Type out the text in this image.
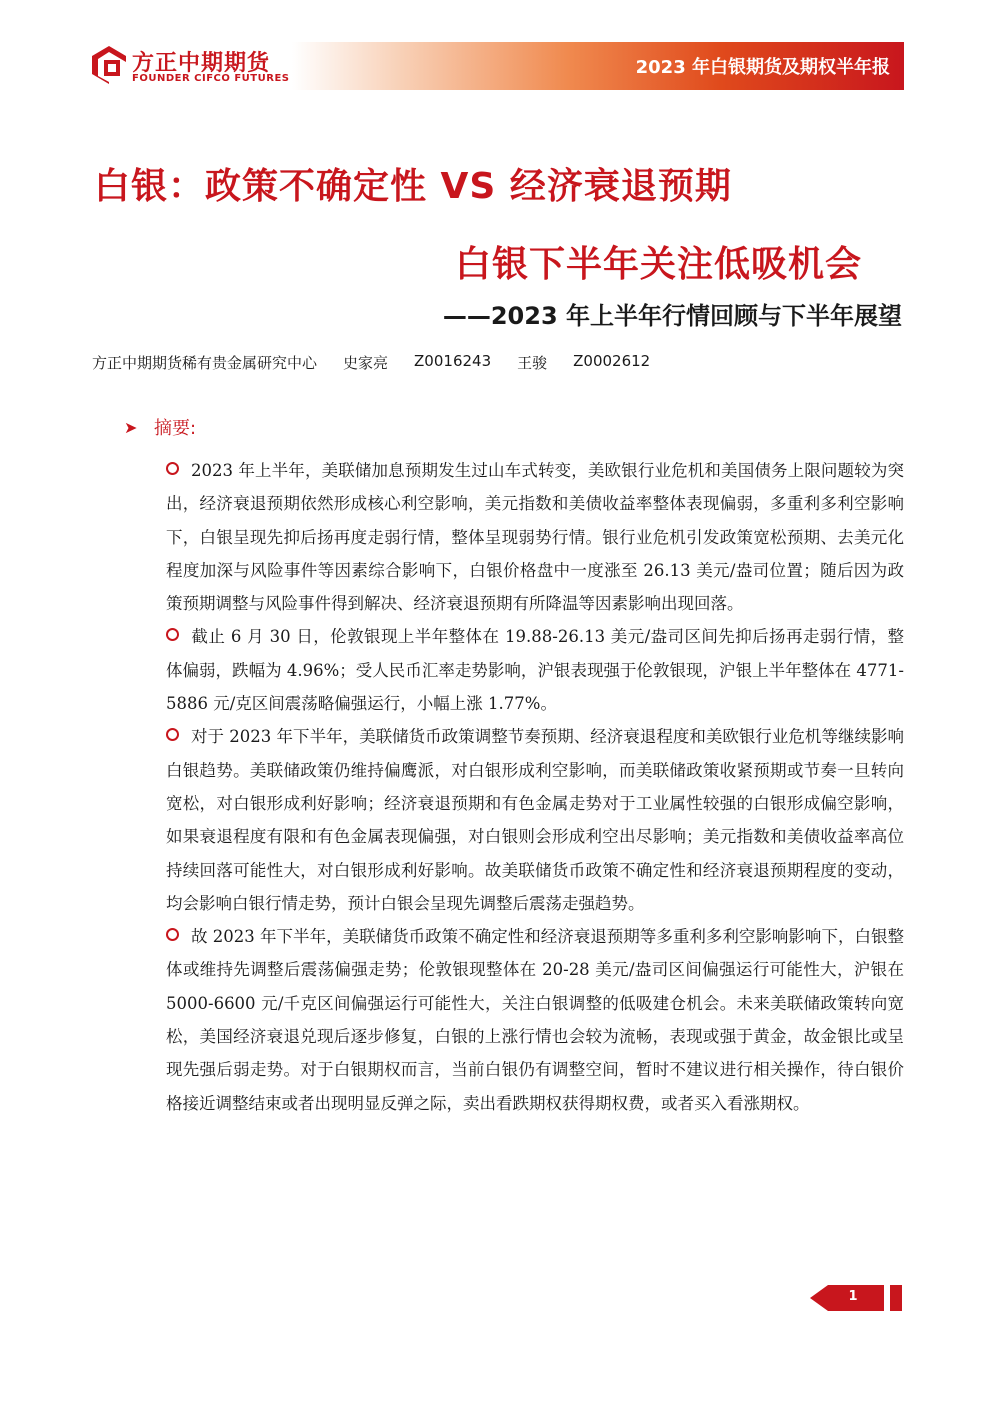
方正中期期货
FOUNDER CIFCO FUTURES
2023 年白银期货及期权半年报
白银：政策不确定性 VS 经济衰退预期
白银下半年关注低吸机会
——2023 年上半年行情回顾与下半年展望
方正中期期货稀有贵金属研究中心 史家亮 Z0016243 王骏 Z0002612
➤ 摘要:

2023 年上半年，美联储加息预期发生过山车式转变，美欧银行业危机和美国债务上限问题较为突出，经济衰退预期依然形成核心利空影响，美元指数和美债收益率整体表现偏弱，多重利多利空影响下，白银呈现先抑后扬再度走弱行情，整体呈现弱势行情。银行业危机引发政策宽松预期、去美元化程度加深与风险事件等因素综合影响下，白银价格盘中一度涨至 26.13 美元/盎司位置；随后因为政策预期调整与风险事件得到解决、经济衰退预期有所降温等因素影响出现回落。

截止 6 月 30 日，伦敦银现上半年整体在 19.88-26.13 美元/盎司区间先抑后扬再走弱行情，整体偏弱，跌幅为 4.96%；受人民币汇率走势影响，沪银表现强于伦敦银现，沪银上半年整体在 4771-5886 元/克区间震荡略偏强运行，小幅上涨 1.77%。

对于 2023 年下半年，美联储货币政策调整节奏预期、经济衰退程度和美欧银行业危机等继续影响白银趋势。美联储政策仍维持偏鹰派，对白银形成利空影响，而美联储政策收紧预期或节奏一旦转向宽松，对白银形成利好影响；经济衰退预期和有色金属走势对于工业属性较强的白银形成偏空影响，如果衰退程度有限和有色金属表现偏强，对白银则会形成利空出尽影响；美元指数和美债收益率高位持续回落可能性大，对白银形成利好影响。故美联储货币政策不确定性和经济衰退预期程度的变动，均会影响白银行情走势，预计白银会呈现先调整后震荡走强趋势。

故 2023 年下半年，美联储货币政策不确定性和经济衰退预期等多重利多利空影响影响下，白银整体或维持先调整后震荡偏强走势；伦敦银现整体在 20-28 美元/盎司区间偏强运行可能性大，沪银在 5000-6600 元/千克区间偏强运行可能性大，关注白银调整的低吸建仓机会。未来美联储政策转向宽松，美国经济衰退兑现后逐步修复，白银的上涨行情也会较为流畅，表现或强于黄金，故金银比或呈现先强后弱走势。对于白银期权而言，当前白银仍有调整空间，暂时不建议进行相关操作，待白银价格接近调整结束或者出现明显反弹之际，卖出看跌期权获得期权费，或者买入看涨期权。

1
